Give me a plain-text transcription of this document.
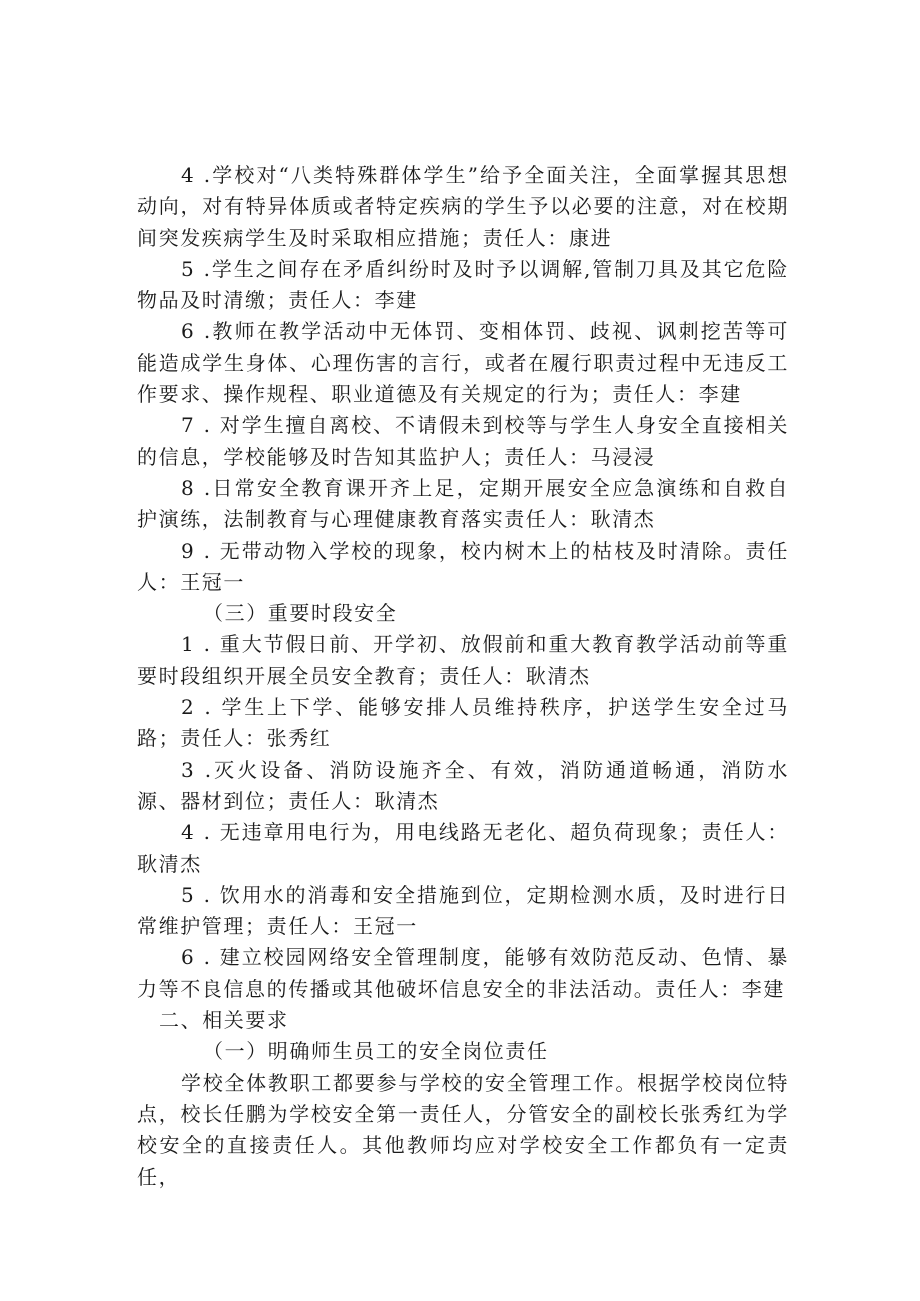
4 .学校对“八类特殊群体学生”给予全面关注，全面掌握其思想动向，对有特异体质或者特定疾病的学生予以必要的注意，对在校期间突发疾病学生及时采取相应措施；责任人：康进

5 .学生之间存在矛盾纠纷时及时予以调解,管制刀具及其它危险物品及时清缴；责任人：李建

6 .教师在教学活动中无体罚、变相体罚、歧视、讽刺挖苦等可能造成学生身体、心理伤害的言行，或者在履行职责过程中无违反工作要求、操作规程、职业道德及有关规定的行为；责任人：李建

7 . 对学生擅自离校、不请假未到校等与学生人身安全直接相关的信息，学校能够及时告知其监护人；责任人：马浸浸

8 .日常安全教育课开齐上足，定期开展安全应急演练和自救自护演练，法制教育与心理健康教育落实责任人：耿清杰

9 . 无带动物入学校的现象，校内树木上的枯枝及时清除。责任人：王冠一

（三）重要时段安全

1 . 重大节假日前、开学初、放假前和重大教育教学活动前等重要时段组织开展全员安全教育；责任人：耿清杰

2 . 学生上下学、能够安排人员维持秩序，护送学生安全过马路；责任人：张秀红

3 .灭火设备、消防设施齐全、有效，消防通道畅通，消防水源、器材到位；责任人：耿清杰

4 . 无违章用电行为，用电线路无老化、超负荷现象；责任人：耿清杰

5 . 饮用水的消毒和安全措施到位，定期检测水质，及时进行日常维护管理；责任人：王冠一

6 . 建立校园网络安全管理制度，能够有效防范反动、色情、暴力等不良信息的传播或其他破坏信息安全的非法活动。责任人：李建

二、相关要求

（一）明确师生员工的安全岗位责任

学校全体教职工都要参与学校的安全管理工作。根据学校岗位特点，校长任鹏为学校安全第一责任人，分管安全的副校长张秀红为学校安全的直接责任人。其他教师均应对学校安全工作都负有一定责任，
